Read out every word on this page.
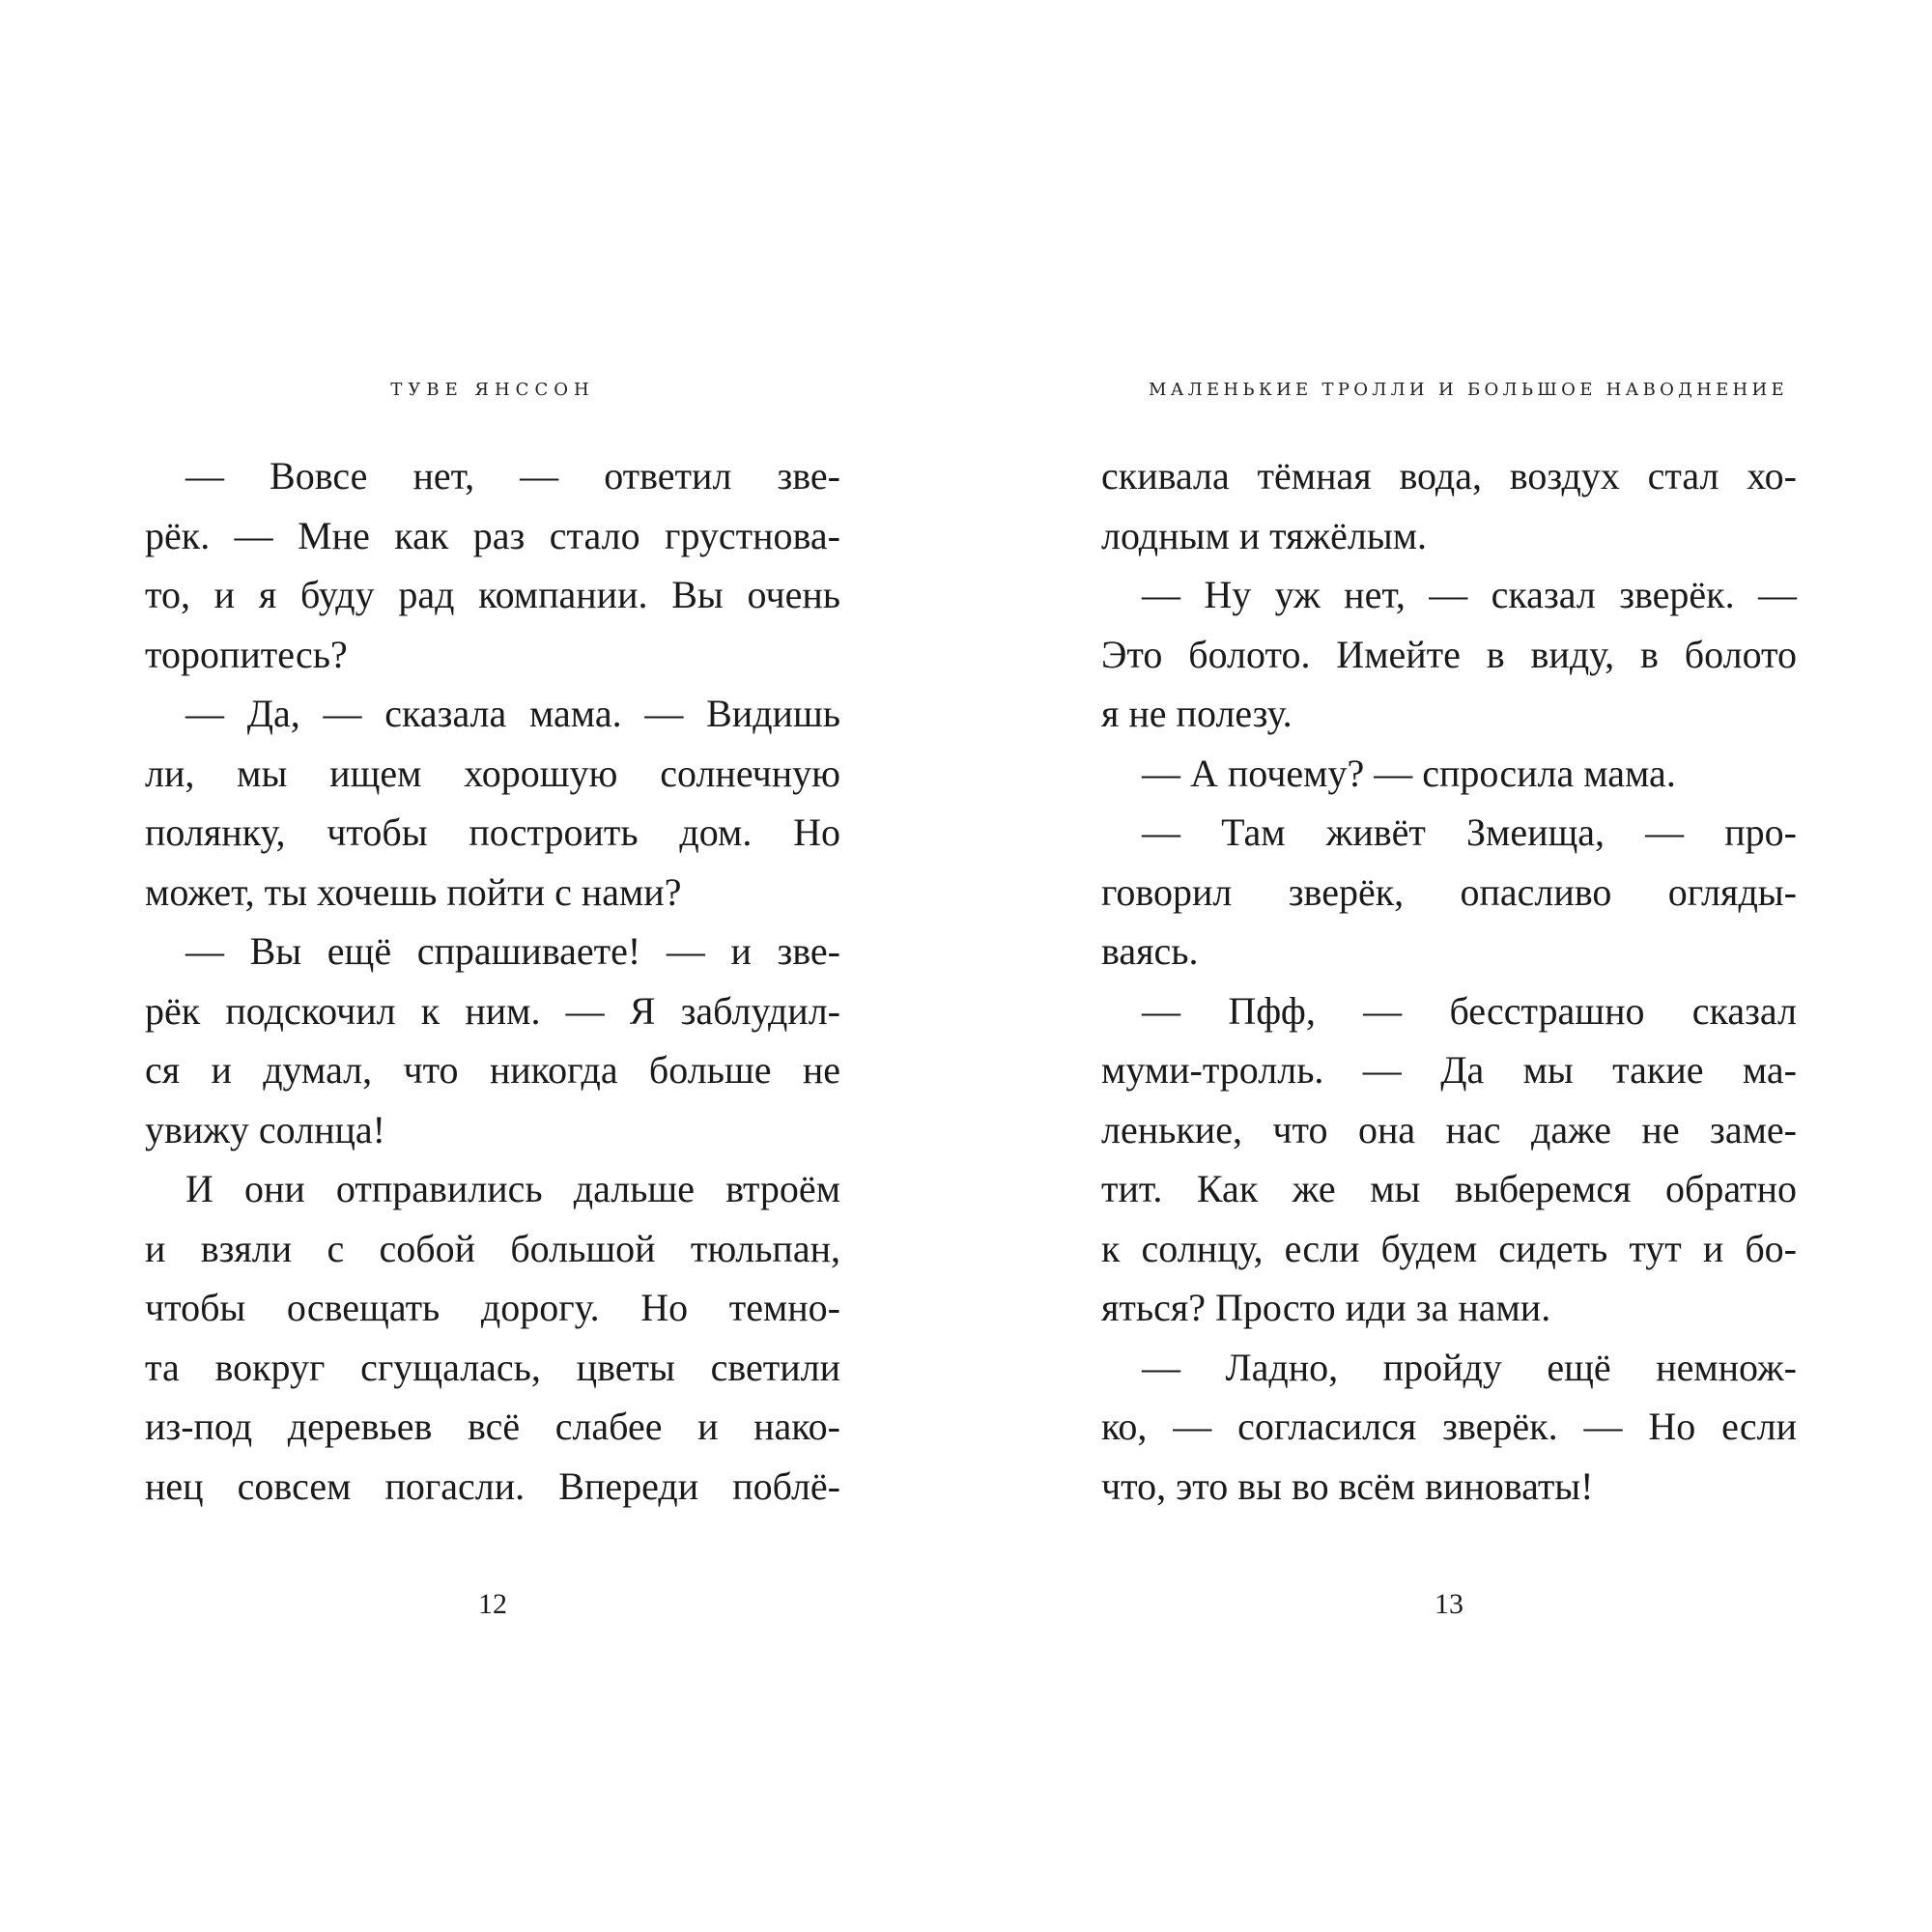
ТУВЕ ЯНССОН
— Вовсе нет, — ответил зве-
рёк. — Мне как раз стало грустнова-
то, и я буду рад компании. Вы очень
торопитесь?
— Да, — сказала мама. — Видишь
ли, мы ищем хорошую солнечную
полянку, чтобы построить дом. Но
может, ты хочешь пойти с нами?
— Вы ещё спрашиваете! — и зве-
рёк подскочил к ним. — Я заблудил-
ся и думал, что никогда больше не
увижу солнца!
И они отправились дальше втроём
и взяли с собой большой тюльпан,
чтобы освещать дорогу. Но темно-
та вокруг сгущалась, цветы светили
из-под деревьев всё слабее и нако-
нец совсем погасли. Впереди поблё-
12
МАЛЕНЬКИЕ ТРОЛЛИ И БОЛЬШОЕ НАВОДНЕНИЕ
скивала тёмная вода, воздух стал хо-
лодным и тяжёлым.
— Ну уж нет, — сказал зверёк. —
Это болото. Имейте в виду, в болото
я не полезу.
— А почему? — спросила мама.
— Там живёт Змеища, — про-
говорил зверёк, опасливо огляды-
ваясь.
— Пфф, — бесстрашно сказал
муми-тролль. — Да мы такие ма-
ленькие, что она нас даже не заме-
тит. Как же мы выберемся обратно
к солнцу, если будем сидеть тут и бо-
яться? Просто иди за нами.
— Ладно, пройду ещё немнож-
ко, — согласился зверёк. — Но если
что, это вы во всём виноваты!
13
